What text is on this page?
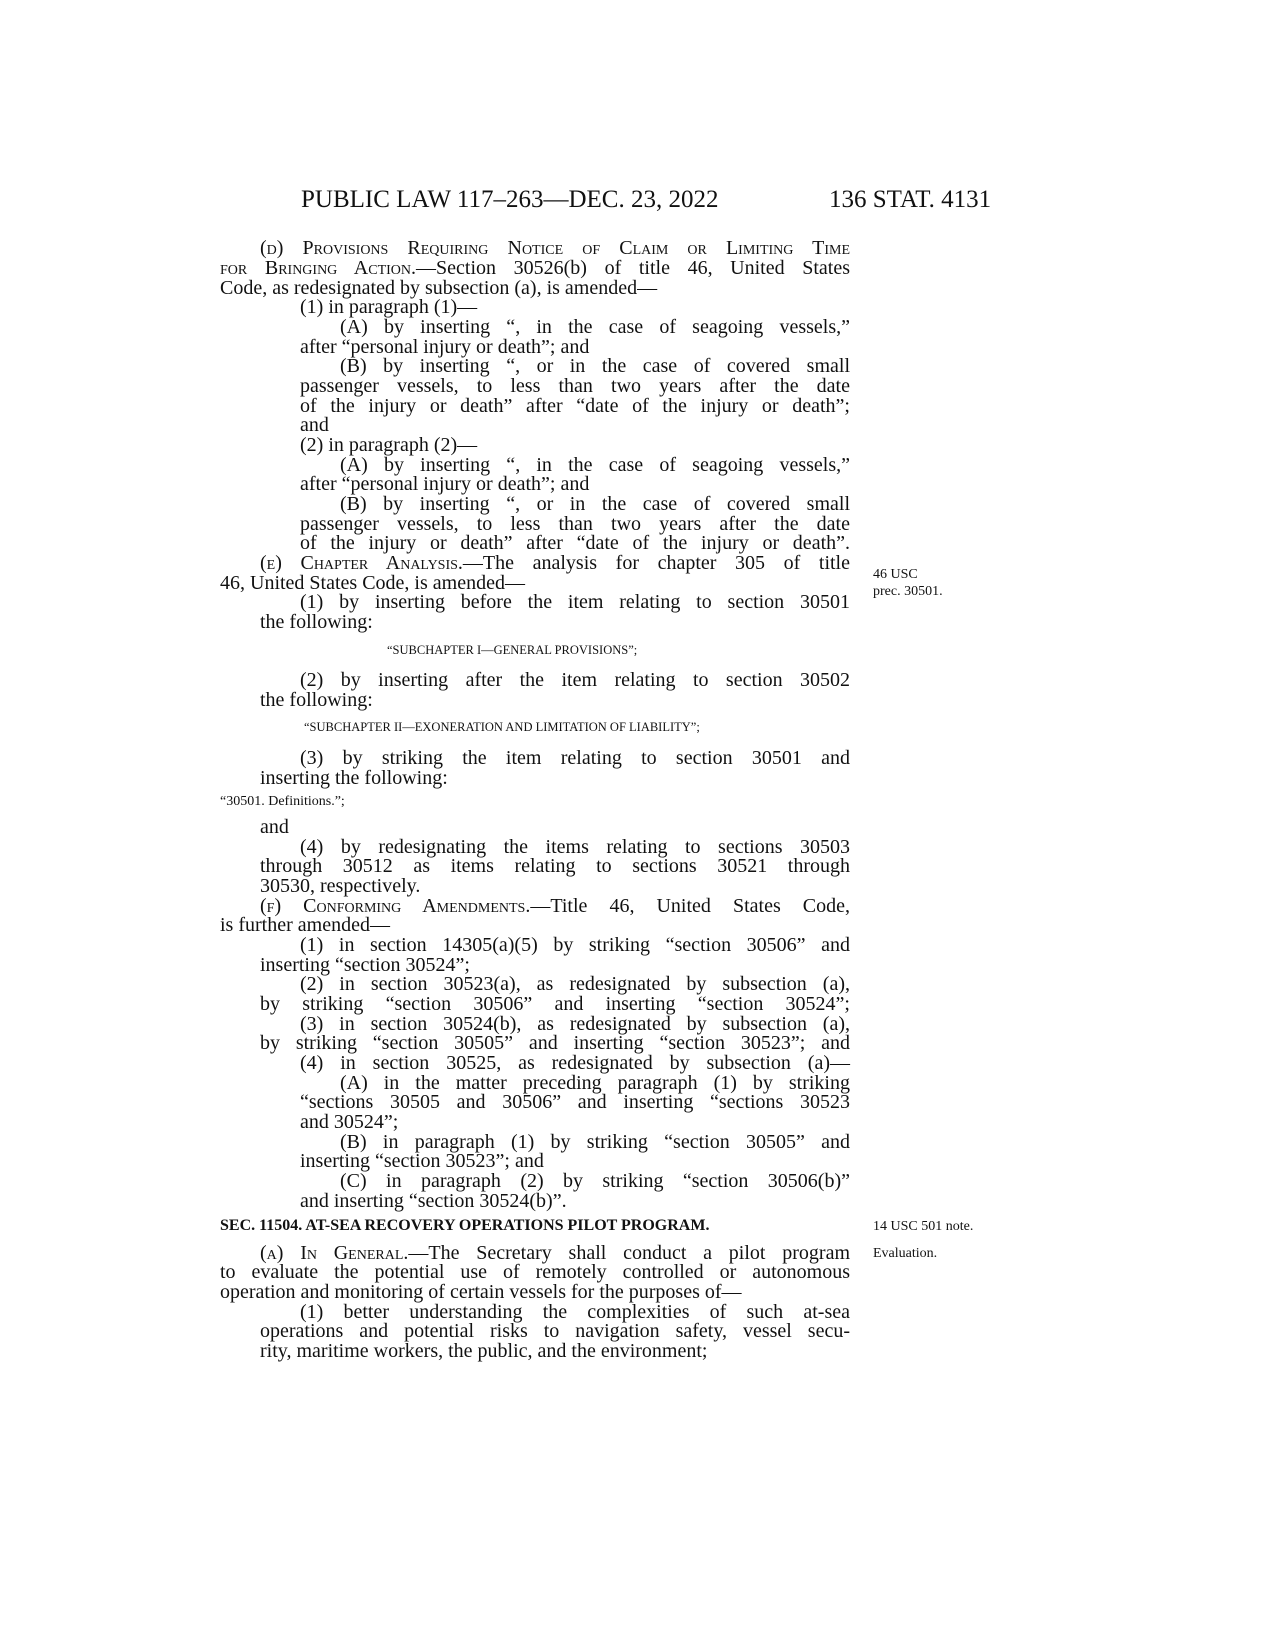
PUBLIC LAW 117–263—DEC. 23, 2022	136 STAT. 4131
(d) Provisions Requiring Notice of Claim or Limiting Time
for Bringing Action.—Section 30526(b) of title 46, United States
Code, as redesignated by subsection (a), is amended—
(1) in paragraph (1)—
(A) by inserting “, in the case of seagoing vessels,”
after “personal injury or death”; and
(B) by inserting “, or in the case of covered small
passenger vessels, to less than two years after the date
of the injury or death” after “date of the injury or death”;
and
(2) in paragraph (2)—
(A) by inserting “, in the case of seagoing vessels,”
after “personal injury or death”; and
(B) by inserting “, or in the case of covered small
passenger vessels, to less than two years after the date
of the injury or death” after “date of the injury or death”.
(e) Chapter Analysis.—The analysis for chapter 305 of title
46, United States Code, is amended—
(1) by inserting before the item relating to section 30501
the following:
“SUBCHAPTER I—GENERAL PROVISIONS”;
(2) by inserting after the item relating to section 30502
the following:
“SUBCHAPTER II—EXONERATION AND LIMITATION OF LIABILITY”;
(3) by striking the item relating to section 30501 and
inserting the following:
“30501. Definitions.”;
and
(4) by redesignating the items relating to sections 30503
through 30512 as items relating to sections 30521 through
30530, respectively.
(f) Conforming Amendments.—Title 46, United States Code,
is further amended—
(1) in section 14305(a)(5) by striking “section 30506” and
inserting “section 30524”;
(2) in section 30523(a), as redesignated by subsection (a),
by striking “section 30506” and inserting “section 30524”;
(3) in section 30524(b), as redesignated by subsection (a),
by striking “section 30505” and inserting “section 30523”; and
(4) in section 30525, as redesignated by subsection (a)—
(A) in the matter preceding paragraph (1) by striking
“sections 30505 and 30506” and inserting “sections 30523
and 30524”;
(B) in paragraph (1) by striking “section 30505” and
inserting “section 30523”; and
(C) in paragraph (2) by striking “section 30506(b)”
and inserting “section 30524(b)”.
SEC. 11504. AT-SEA RECOVERY OPERATIONS PILOT PROGRAM.
(a) In General.—The Secretary shall conduct a pilot program
to evaluate the potential use of remotely controlled or autonomous
operation and monitoring of certain vessels for the purposes of—
(1) better understanding the complexities of such at-sea
operations and potential risks to navigation safety, vessel secu-
rity, maritime workers, the public, and the environment;
46 USC
prec. 30501.
14 USC 501 note.
Evaluation.
